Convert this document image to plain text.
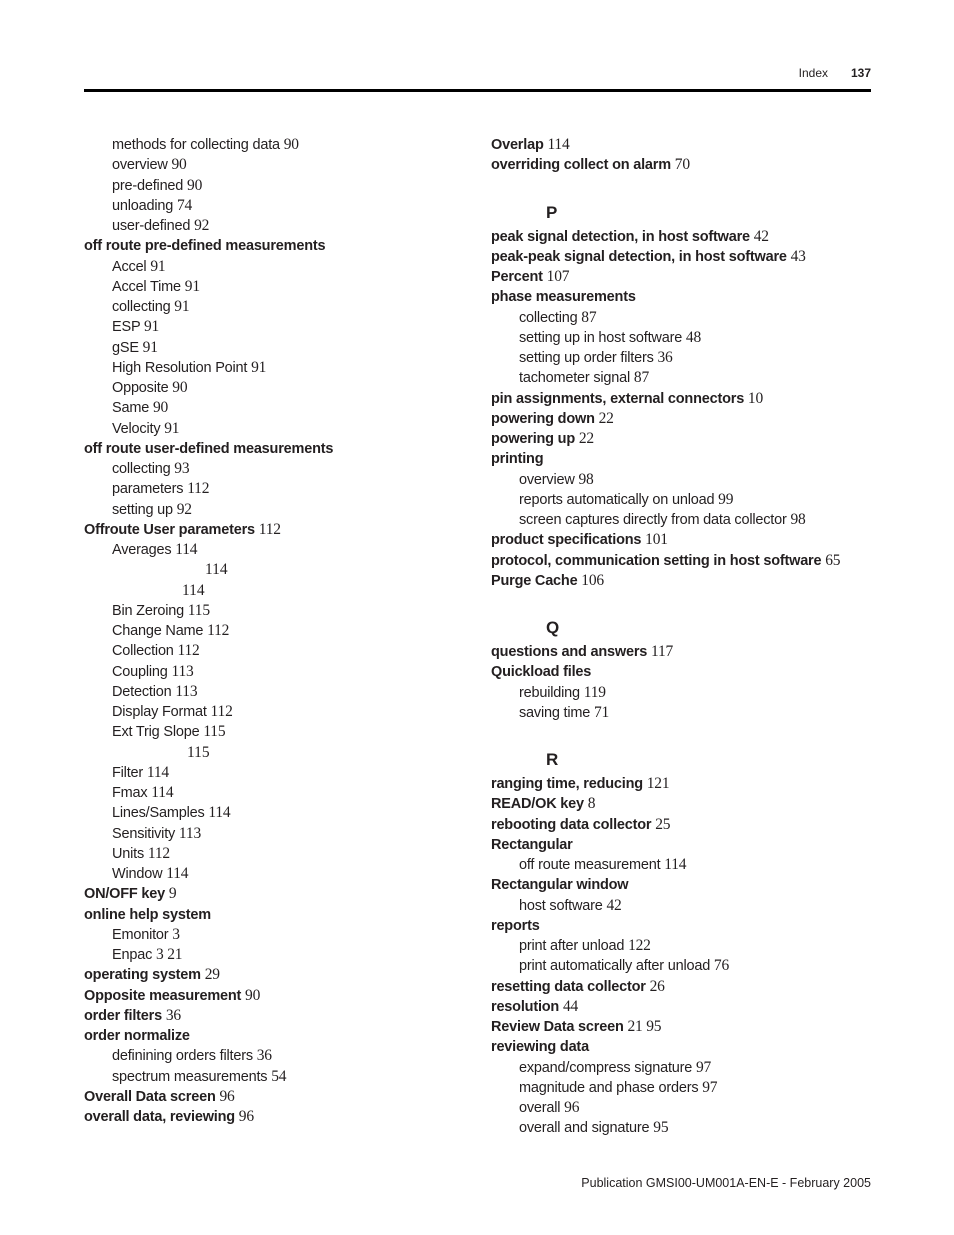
Index 137
methods for collecting data 90
overview 90
pre-defined 90
unloading 74
user-defined 92
off route pre-defined measurements
Accel 91
Accel Time 91
collecting 91
ESP 91
gSE 91
High Resolution Point 91
Opposite 90
Same 90
Velocity 91
off route user-defined measurements
collecting 93
parameters 112
setting up 92
Offroute User parameters 112
Averages 114
114
114
Bin Zeroing 115
Change Name 112
Collection 112
Coupling 113
Detection 113
Display Format 112
Ext Trig Slope 115
115
Filter 114
Fmax 114
Lines/Samples 114
Sensitivity 113
Units 112
Window 114
ON/OFF key 9
online help system
Emonitor 3
Enpac 3 21
operating system 29
Opposite measurement 90
order filters 36
order normalize
definining orders filters 36
spectrum measurements 54
Overall Data screen 96
overall data, reviewing 96
Overlap 114
overriding collect on alarm 70
P
peak signal detection, in host software 42
peak-peak signal detection, in host software 43
Percent 107
phase measurements
collecting 87
setting up in host software 48
setting up order filters 36
tachometer signal 87
pin assignments, external connectors 10
powering down 22
powering up 22
printing
overview 98
reports automatically on unload 99
screen captures directly from data collector 98
product specifications 101
protocol, communication setting in host software 65
Purge Cache 106
Q
questions and answers 117
Quickload files
rebuilding 119
saving time 71
R
ranging time, reducing 121
READ/OK key 8
rebooting data collector 25
Rectangular
off route measurement 114
Rectangular window
host software 42
reports
print after unload 122
print automatically after unload 76
resetting data collector 26
resolution 44
Review Data screen 21 95
reviewing data
expand/compress signature 97
magnitude and phase orders 97
overall 96
overall and signature 95
Publication GMSI00-UM001A-EN-E - February 2005
